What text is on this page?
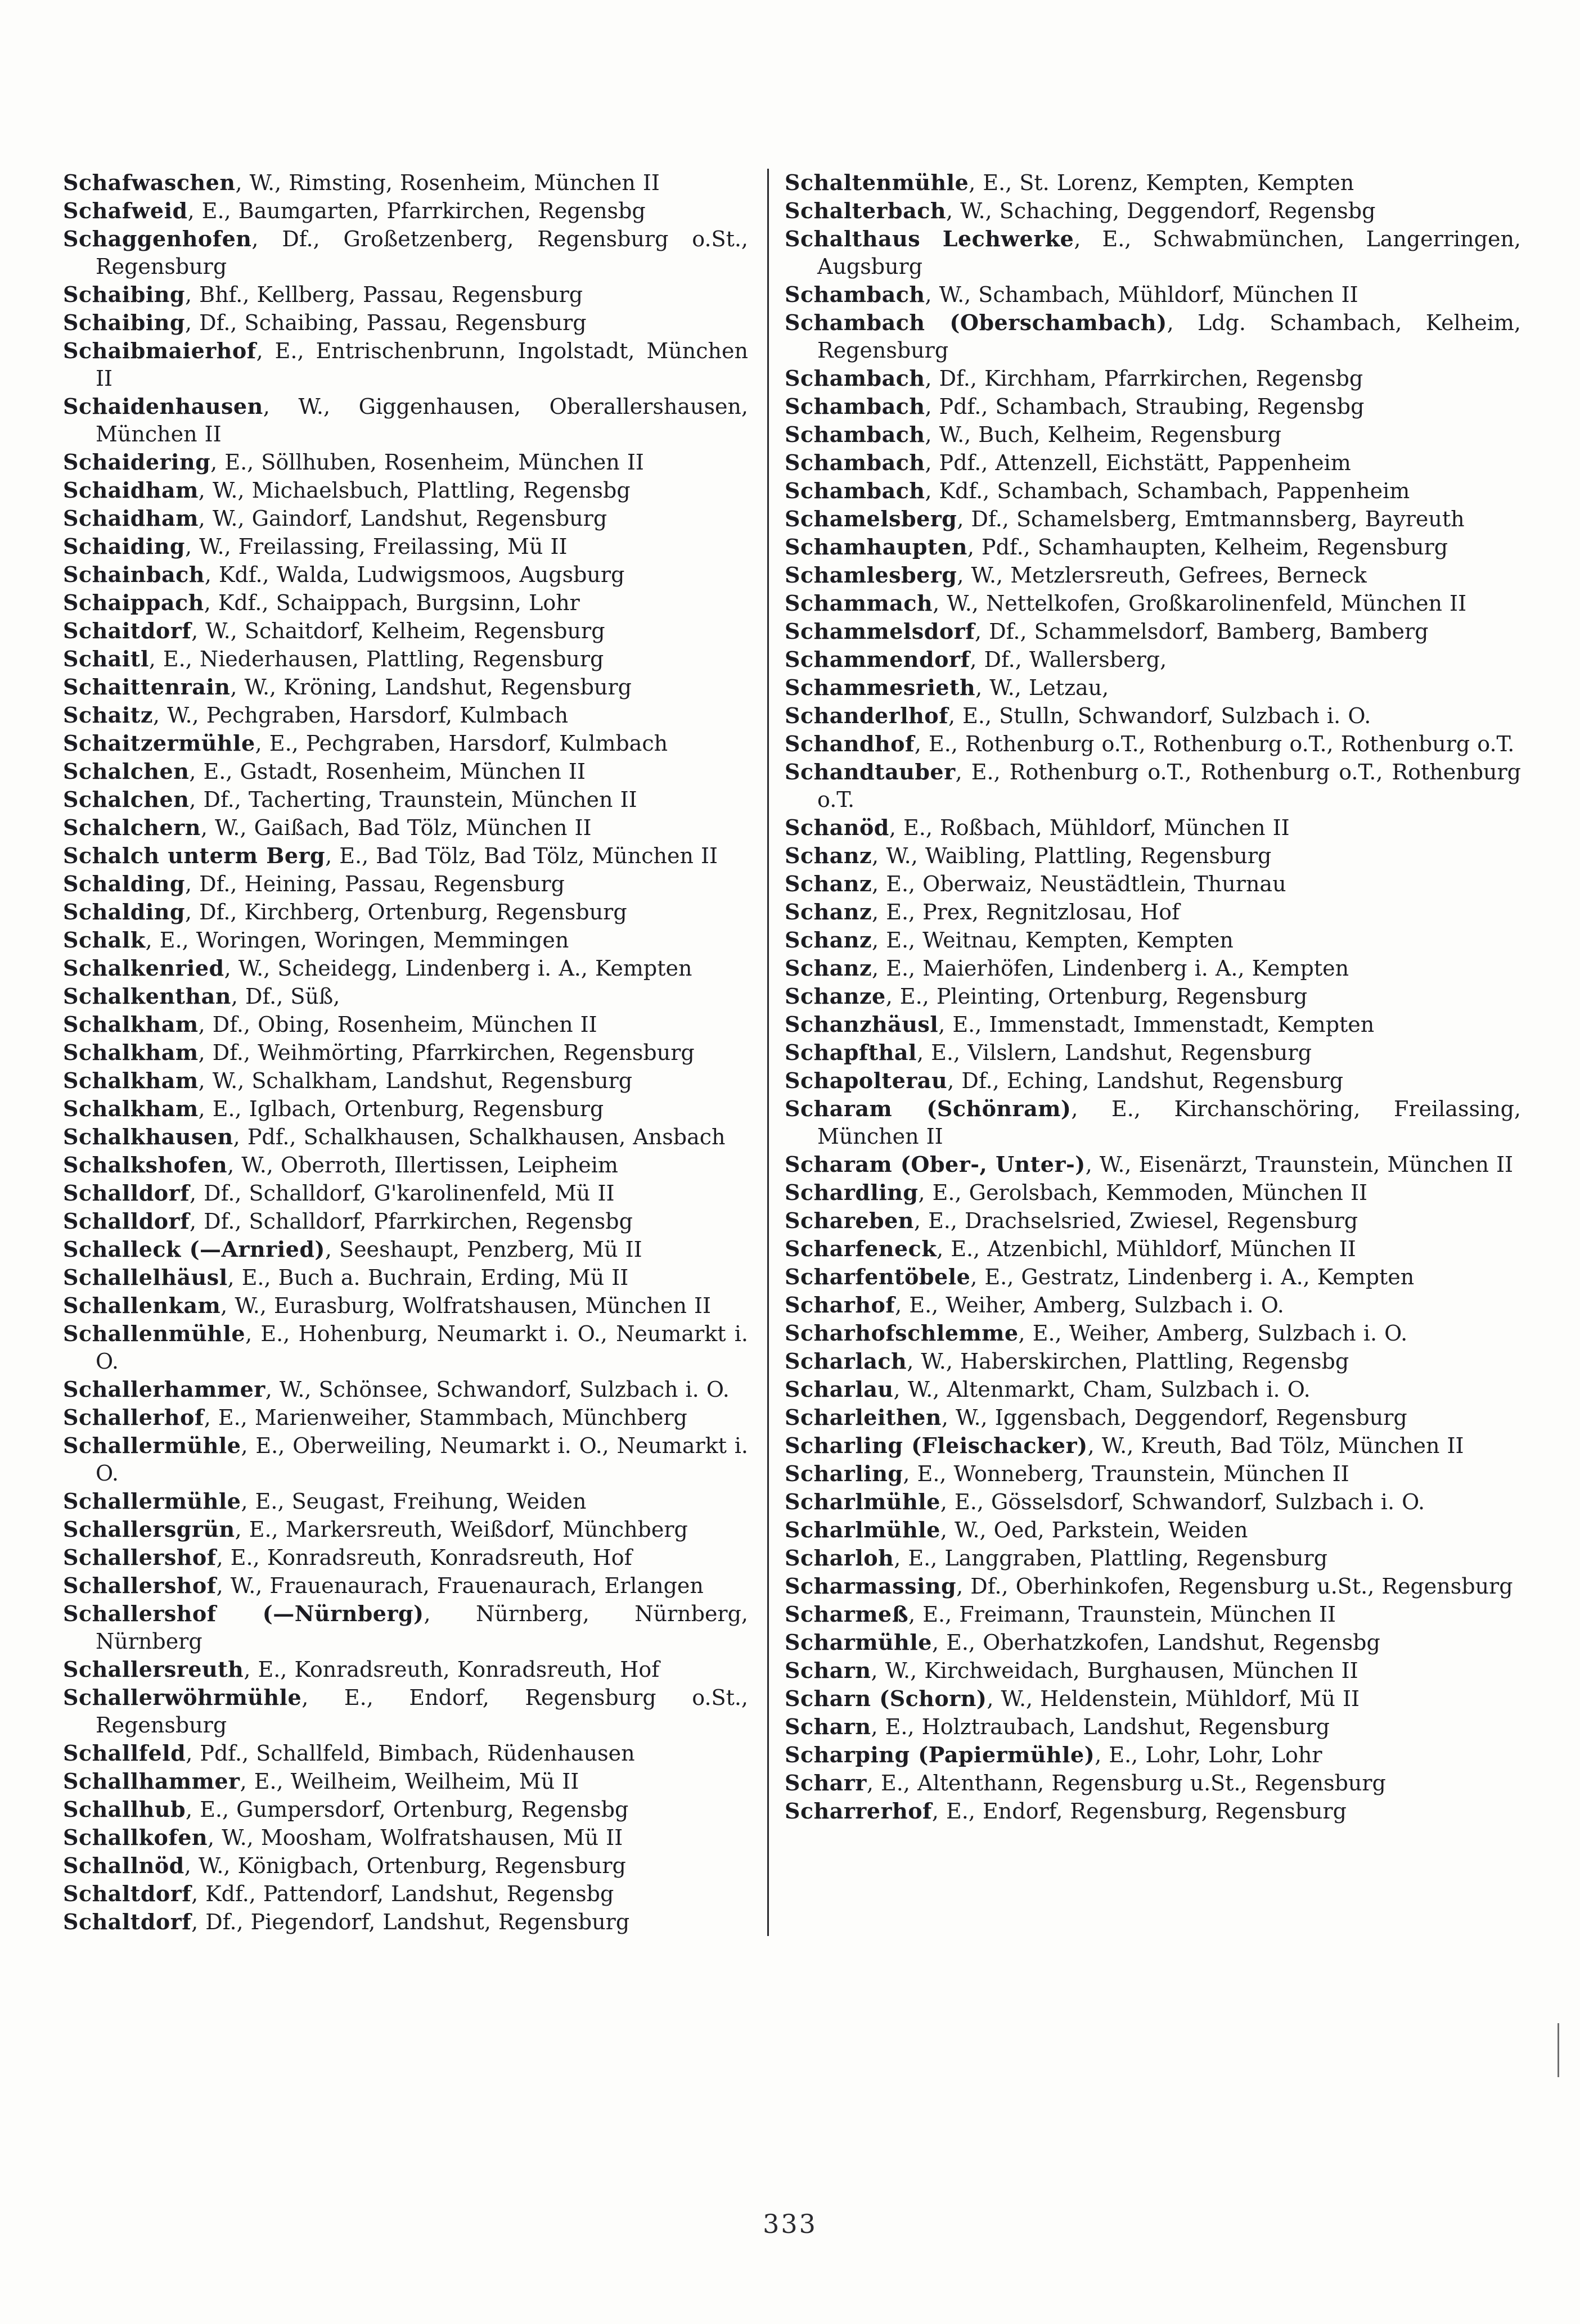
Schafwaschen, W., Rimsting, Rosenheim, München II

Schafweid, E., Baumgarten, Pfarrkirchen, Regensbg

Schaggenhofen, Df., Großetzenberg, Regensburg o.St., Regensburg

Schaibing, Bhf., Kellberg, Passau, Regensburg

Schaibing, Df., Schaibing, Passau, Regensburg

Schaibmaierhof, E., Entrischenbrunn, Ingolstadt, München II

Schaidenhausen, W., Giggenhausen, Oberallershausen, München II

Schaidering, E., Söllhuben, Rosenheim, München II

Schaidham, W., Michaelsbuch, Plattling, Regensbg

Schaidham, W., Gaindorf, Landshut, Regensburg

Schaiding, W., Freilassing, Freilassing, Mü II

Schainbach, Kdf., Walda, Ludwigsmoos, Augsburg

Schaippach, Kdf., Schaippach, Burgsinn, Lohr

Schaitdorf, W., Schaitdorf, Kelheim, Regensburg

Schaitl, E., Niederhausen, Plattling, Regensburg

Schaittenrain, W., Kröning, Landshut, Regensburg

Schaitz, W., Pechgraben, Harsdorf, Kulmbach

Schaitzermühle, E., Pechgraben, Harsdorf, Kulmbach

Schalchen, E., Gstadt, Rosenheim, München II

Schalchen, Df., Tacherting, Traunstein, München II

Schalchern, W., Gaißach, Bad Tölz, München II

Schalch unterm Berg, E., Bad Tölz, Bad Tölz, München II

Schalding, Df., Heining, Passau, Regensburg

Schalding, Df., Kirchberg, Ortenburg, Regensburg

Schalk, E., Woringen, Woringen, Memmingen

Schalkenried, W., Scheidegg, Lindenberg i. A., Kempten

Schalkenthan, Df., Süß,

Schalkham, Df., Obing, Rosenheim, München II

Schalkham, Df., Weihmörting, Pfarrkirchen, Regensburg

Schalkham, W., Schalkham, Landshut, Regensburg

Schalkham, E., Iglbach, Ortenburg, Regensburg

Schalkhausen, Pdf., Schalkhausen, Schalkhausen, Ansbach

Schalkshofen, W., Oberroth, Illertissen, Leipheim

Schalldorf, Df., Schalldorf, G'karolinenfeld, Mü II

Schalldorf, Df., Schalldorf, Pfarrkirchen, Regensbg

Schalleck (—Arnried), Seeshaupt, Penzberg, Mü II

Schallelhäusl, E., Buch a. Buchrain, Erding, Mü II

Schallenkam, W., Eurasburg, Wolfratshausen, München II

Schallenmühle, E., Hohenburg, Neumarkt i. O., Neumarkt i. O.

Schallerhammer, W., Schönsee, Schwandorf, Sulzbach i. O.

Schallerhof, E., Marienweiher, Stammbach, Münchberg

Schallermühle, E., Oberweiling, Neumarkt i. O., Neumarkt i. O.

Schallermühle, E., Seugast, Freihung, Weiden

Schallersgrün, E., Markersreuth, Weißdorf, Münchberg

Schallershof, E., Konradsreuth, Konradsreuth, Hof

Schallershof, W., Frauenaurach, Frauenaurach, Erlangen

Schallershof (—Nürnberg), Nürnberg, Nürnberg, Nürnberg

Schallersreuth, E., Konradsreuth, Konradsreuth, Hof

Schallerwöhrmühle, E., Endorf, Regensburg o.St., Regensburg

Schallfeld, Pdf., Schallfeld, Bimbach, Rüdenhausen

Schallhammer, E., Weilheim, Weilheim, Mü II

Schallhub, E., Gumpersdorf, Ortenburg, Regensbg

Schallkofen, W., Moosham, Wolfratshausen, Mü II

Schallnöd, W., Königbach, Ortenburg, Regensburg

Schaltdorf, Kdf., Pattendorf, Landshut, Regensbg

Schaltdorf, Df., Piegendorf, Landshut, Regensburg

Schaltenmühle, E., St. Lorenz, Kempten, Kempten

Schalterbach, W., Schaching, Deggendorf, Regensbg

Schalthaus Lechwerke, E., Schwabmünchen, Langerringen, Augsburg

Schambach, W., Schambach, Mühldorf, München II

Schambach (Oberschambach), Ldg. Schambach, Kelheim, Regensburg

Schambach, Df., Kirchham, Pfarrkirchen, Regensbg

Schambach, Pdf., Schambach, Straubing, Regensbg

Schambach, W., Buch, Kelheim, Regensburg

Schambach, Pdf., Attenzell, Eichstätt, Pappenheim

Schambach, Kdf., Schambach, Schambach, Pappenheim

Schamelsberg, Df., Schamelsberg, Emtmannsberg, Bayreuth

Schamhaupten, Pdf., Schamhaupten, Kelheim, Regensburg

Schamlesberg, W., Metzlersreuth, Gefrees, Berneck

Schammach, W., Nettelkofen, Großkarolinenfeld, München II

Schammelsdorf, Df., Schammelsdorf, Bamberg, Bamberg

Schammendorf, Df., Wallersberg,

Schammesrieth, W., Letzau,

Schanderlhof, E., Stulln, Schwandorf, Sulzbach i. O.

Schandhof, E., Rothenburg o.T., Rothenburg o.T., Rothenburg o.T.

Schandtauber, E., Rothenburg o.T., Rothenburg o.T., Rothenburg o.T.

Schanöd, E., Roßbach, Mühldorf, München II

Schanz, W., Waibling, Plattling, Regensburg

Schanz, E., Oberwaiz, Neustädtlein, Thurnau

Schanz, E., Prex, Regnitzlosau, Hof

Schanz, E., Weitnau, Kempten, Kempten

Schanz, E., Maierhöfen, Lindenberg i. A., Kempten

Schanze, E., Pleinting, Ortenburg, Regensburg

Schanzhäusl, E., Immenstadt, Immenstadt, Kempten

Schapfthal, E., Vilslern, Landshut, Regensburg

Schapolterau, Df., Eching, Landshut, Regensburg

Scharam (Schönram), E., Kirchanschöring, Freilassing, München II

Scharam (Ober-, Unter-), W., Eisenärzt, Traunstein, München II

Schardling, E., Gerolsbach, Kemmoden, München II

Schareben, E., Drachselsried, Zwiesel, Regensburg

Scharfeneck, E., Atzenbichl, Mühldorf, München II

Scharfentöbele, E., Gestratz, Lindenberg i. A., Kempten

Scharhof, E., Weiher, Amberg, Sulzbach i. O.

Scharhofschlemme, E., Weiher, Amberg, Sulzbach i. O.

Scharlach, W., Haberskirchen, Plattling, Regensbg

Scharlau, W., Altenmarkt, Cham, Sulzbach i. O.

Scharleithen, W., Iggensbach, Deggendorf, Regensburg

Scharling (Fleischacker), W., Kreuth, Bad Tölz, München II

Scharling, E., Wonneberg, Traunstein, München II

Scharlmühle, E., Gösselsdorf, Schwandorf, Sulzbach i. O.

Scharlmühle, W., Oed, Parkstein, Weiden

Scharloh, E., Langgraben, Plattling, Regensburg

Scharmassing, Df., Oberhinkofen, Regensburg u.St., Regensburg

Scharmeß, E., Freimann, Traunstein, München II

Scharmühle, E., Oberhatzkofen, Landshut, Regensbg

Scharn, W., Kirchweidach, Burghausen, München II

Scharn (Schorn), W., Heldenstein, Mühldorf, Mü II

Scharn, E., Holztraubach, Landshut, Regensburg

Scharping (Papiermühle), E., Lohr, Lohr, Lohr

Scharr, E., Altenthann, Regensburg u.St., Regensburg

Scharrerhof, E., Endorf, Regensburg, Regensburg

333
